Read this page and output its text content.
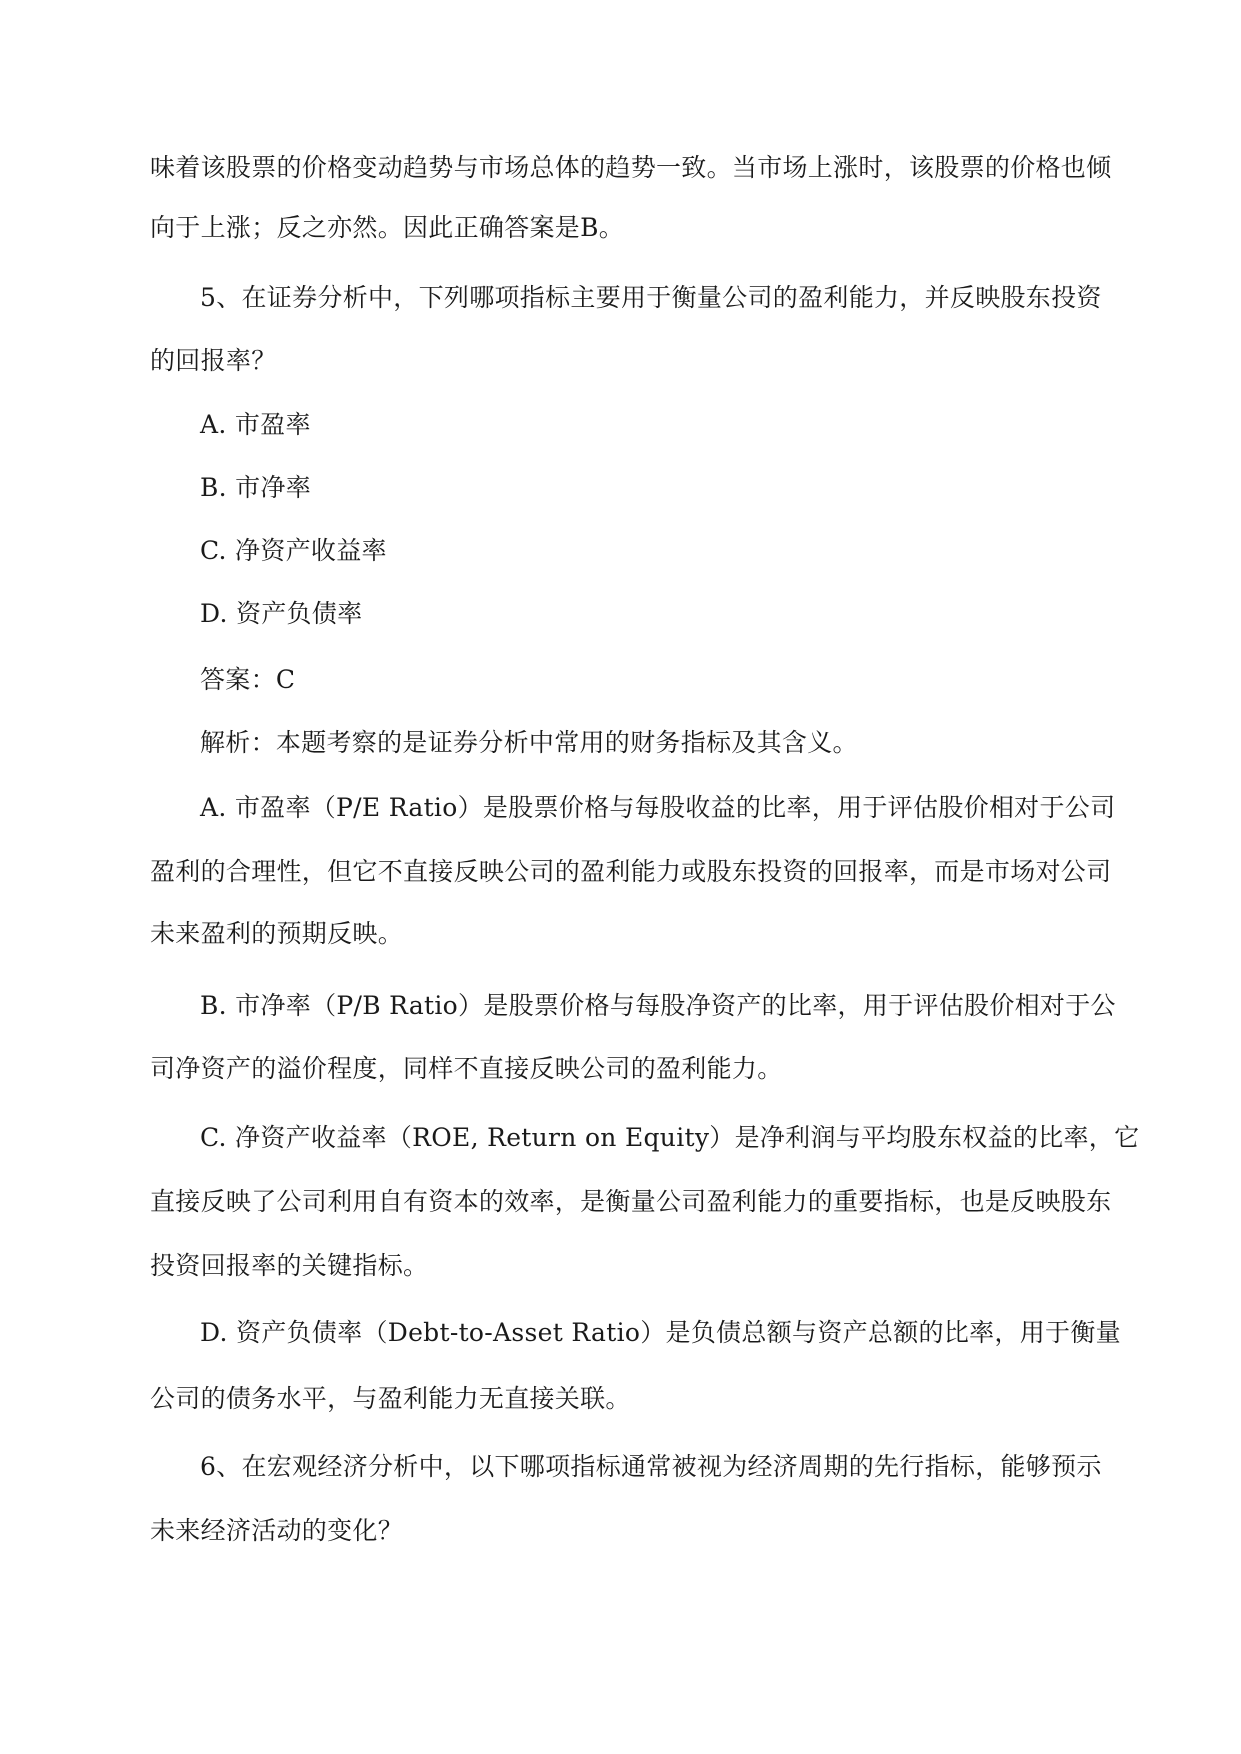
味着该股票的价格变动趋势与市场总体的趋势一致。当市场上涨时，该股票的价格也倾
向于上涨；反之亦然。因此正确答案是B。
5、在证券分析中，下列哪项指标主要用于衡量公司的盈利能力，并反映股东投资
的回报率？
A. 市盈率
B. 市净率
C. 净资产收益率
D. 资产负债率
答案：C
解析：本题考察的是证券分析中常用的财务指标及其含义。
A. 市盈率（P/E Ratio）是股票价格与每股收益的比率，用于评估股价相对于公司
盈利的合理性，但它不直接反映公司的盈利能力或股东投资的回报率，而是市场对公司
未来盈利的预期反映。
B. 市净率（P/B Ratio）是股票价格与每股净资产的比率，用于评估股价相对于公
司净资产的溢价程度，同样不直接反映公司的盈利能力。
C. 净资产收益率（ROE, Return on Equity）是净利润与平均股东权益的比率，它
直接反映了公司利用自有资本的效率，是衡量公司盈利能力的重要指标，也是反映股东
投资回报率的关键指标。
D. 资产负债率（Debt-to-Asset Ratio）是负债总额与资产总额的比率，用于衡量
公司的债务水平，与盈利能力无直接关联。
6、在宏观经济分析中，以下哪项指标通常被视为经济周期的先行指标，能够预示
未来经济活动的变化？
